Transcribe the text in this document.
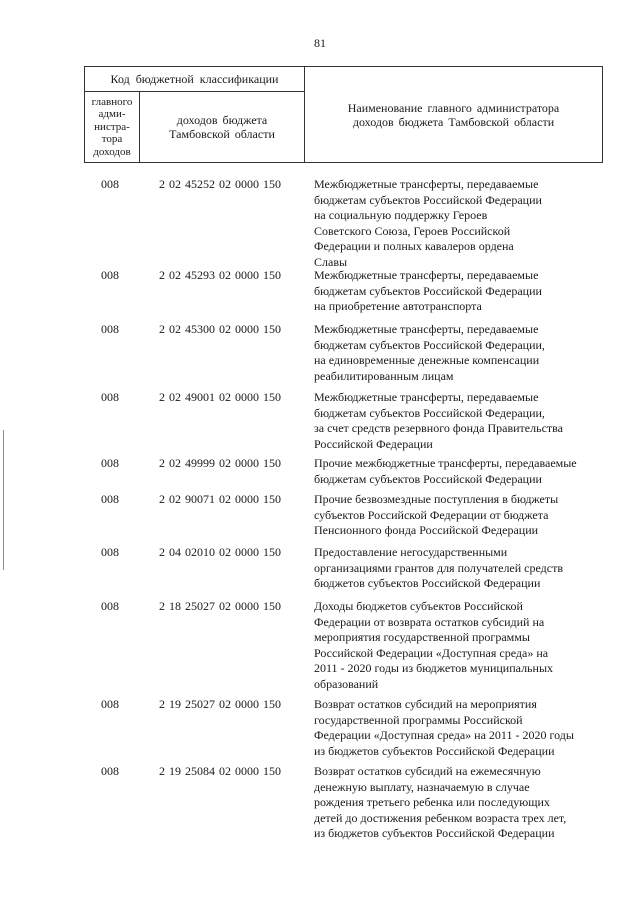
81
Код бюджетной классификации		Наименование главного администратора
доходов бюджета Тамбовской области
главного
адми-
нистра-
тора
доходов	доходов бюджета
Тамбовской области	
008	2 02 45252 02 0000 150	Межбюджетные трансферты, передаваемые
бюджетам субъектов Российской Федерации
на социальную поддержку Героев
Советского Союза, Героев Российской
Федерации и полных кавалеров ордена
Славы
008	2 02 45293 02 0000 150	Межбюджетные трансферты, передаваемые
бюджетам субъектов Российской Федерации
на приобретение автотранспорта
008	2 02 45300 02 0000 150	Межбюджетные трансферты, передаваемые
бюджетам субъектов Российской Федерации,
на единовременные денежные компенсации
реабилитированным лицам
008	2 02 49001 02 0000 150	Межбюджетные трансферты, передаваемые
бюджетам субъектов Российской Федерации,
за счет средств резервного фонда Правительства
Российской Федерации
008	2 02 49999 02 0000 150	Прочие межбюджетные трансферты, передаваемые
бюджетам субъектов Российской Федерации
008	2 02 90071 02 0000 150	Прочие безвозмездные поступления в бюджеты
субъектов Российской Федерации от бюджета
Пенсионного фонда Российской Федерации
008	2 04 02010 02 0000 150	Предоставление негосударственными
организациями грантов для получателей средств
бюджетов субъектов Российской Федерации
008	2 18 25027 02 0000 150	Доходы бюджетов субъектов Российской
Федерации от возврата остатков субсидий на
мероприятия государственной программы
Российской Федерации «Доступная среда» на
2011 - 2020 годы из бюджетов муниципальных
образований
008	2 19 25027 02 0000 150	Возврат остатков субсидий на мероприятия
государственной программы Российской
Федерации «Доступная среда» на 2011 - 2020 годы
из бюджетов субъектов Российской Федерации
008	2 19 25084 02 0000 150	Возврат остатков субсидий на ежемесячную
денежную выплату, назначаемую в случае
рождения третьего ребенка или последующих
детей до достижения ребенком возраста трех лет,
из бюджетов субъектов Российской Федерации
